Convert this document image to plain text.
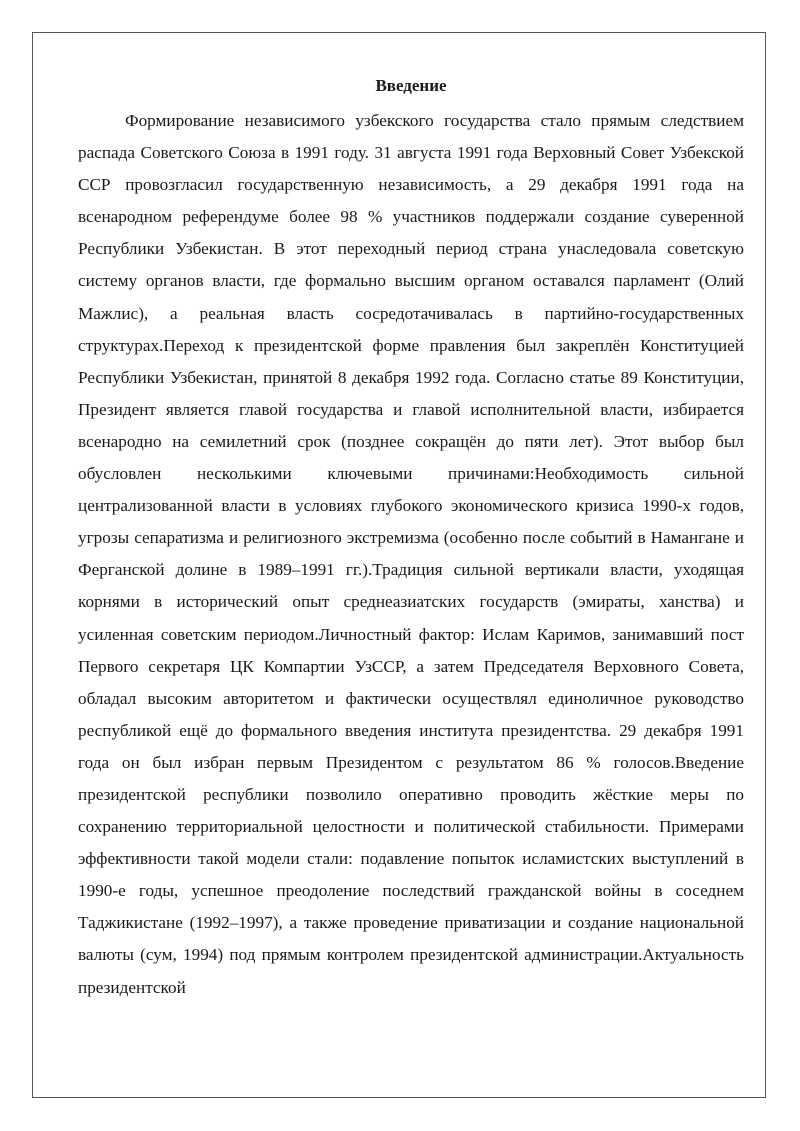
Введение

Формирование независимого узбекского государства стало прямым следствием распада Советского Союза в 1991 году. 31 августа 1991 года Верховный Совет Узбекской ССР провозгласил государственную независимость, а 29 декабря 1991 года на всенародном референдуме более 98 % участников поддержали создание суверенной Республики Узбекистан. В этот переходный период страна унаследовала советскую систему органов власти, где формально высшим органом оставался парламент (Олий Мажлис), а реальная власть сосредотачивалась в партийно-государственных структурах.Переход к президентской форме правления был закреплён Конституцией Республики Узбекистан, принятой 8 декабря 1992 года. Согласно статье 89 Конституции, Президент является главой государства и главой исполнительной власти, избирается всенародно на семилетний срок (позднее сокращён до пяти лет). Этот выбор был обусловлен несколькими ключевыми причинами:Необходимость сильной централизованной власти в условиях глубокого экономического кризиса 1990-х годов, угрозы сепаратизма и религиозного экстремизма (особенно после событий в Намангане и Ферганской долине в 1989–1991 гг.).Традиция сильной вертикали власти, уходящая корнями в исторический опыт среднеазиатских государств (эмираты, ханства) и усиленная советским периодом.Личностный фактор: Ислам Каримов, занимавший пост Первого секретаря ЦК Компартии УзССР, а затем Председателя Верховного Совета, обладал высоким авторитетом и фактически осуществлял единоличное руководство республикой ещё до формального введения института президентства. 29 декабря 1991 года он был избран первым Президентом с результатом 86 % голосов.Введение президентской республики позволило оперативно проводить жёсткие меры по сохранению территориальной целостности и политической стабильности. Примерами эффективности такой модели стали: подавление попыток исламистских выступлений в 1990-е годы, успешное преодоление последствий гражданской войны в соседнем Таджикистане (1992–1997), а также проведение приватизации и создание национальной валюты (сум, 1994) под прямым контролем президентской администрации.Актуальность президентской
